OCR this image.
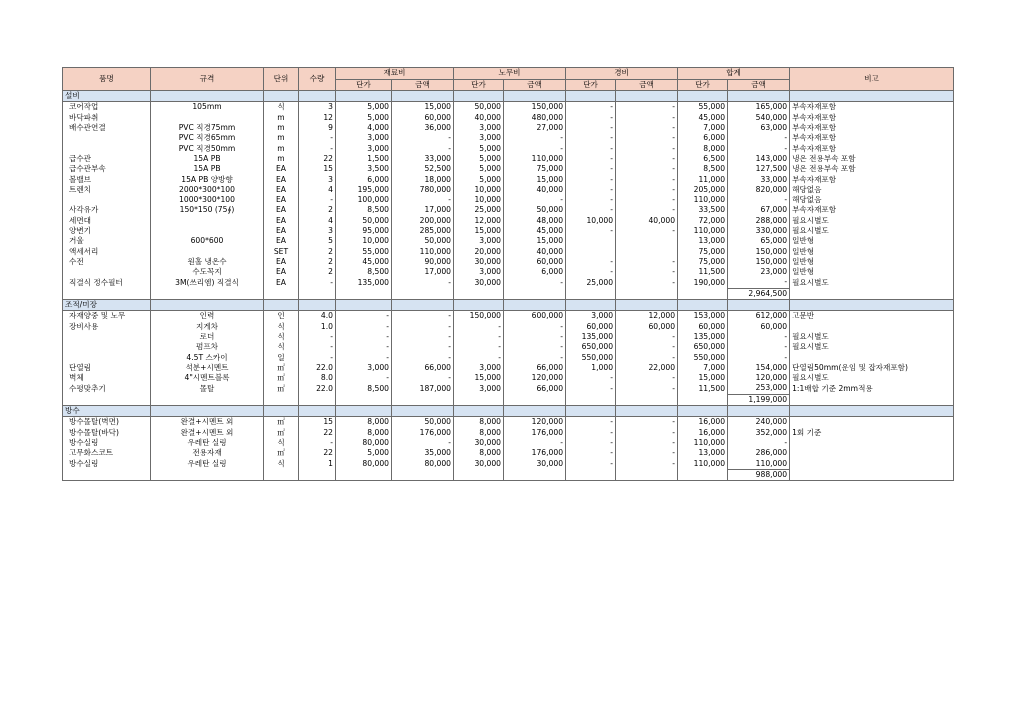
품명	규격	단위	수량	재료비		노무비		경비		합계		비고
				단가	금액	단가	금액	단가	금액	단가	금액	
설비												
코어작업	105mm	식	3	5,000	15,000	50,000	150,000	-	-	55,000	165,000	부속자재포함
바닥파취		m	12	5,000	60,000	40,000	480,000	-	-	45,000	540,000	부속자재포함
배수관연결	PVC 직경75mm	m	9	4,000	36,000	3,000	27,000	-	-	7,000	63,000	부속자재포함
	PVC 직경65mm	m	-	3,000	-	3,000	-	-	-	6,000	-	부속자재포함
	PVC 직경50mm	m	-	3,000	-	5,000	-	-	-	8,000	-	부속자재포함
급수관	15A PB	m	22	1,500	33,000	5,000	110,000	-	-	6,500	143,000	냉온 전용부속 포함
급수관부속	15A PB	EA	15	3,500	52,500	5,000	75,000	-	-	8,500	127,500	냉온 전용부속 포함
볼밸브	15A PB 양방향	EA	3	6,000	18,000	5,000	15,000	-	-	11,000	33,000	부속자재포함
트렌치	2000*300*100	EA	4	195,000	780,000	10,000	40,000	-	-	205,000	820,000	해당없음
	1000*300*100	EA	-	100,000	-	10,000	-	-	-	110,000	-	해당없음
사각유가	150*150 (75∮)	EA	2	8,500	17,000	25,000	50,000	-	-	33,500	67,000	부속자재포함
세면대		EA	4	50,000	200,000	12,000	48,000	10,000	40,000	72,000	288,000	필요시별도
양변기		EA	3	95,000	285,000	15,000	45,000	-	-	110,000	330,000	필요시별도
거울	600*600	EA	5	10,000	50,000	3,000	15,000			13,000	65,000	일반형
액세서리		SET	2	55,000	110,000	20,000	40,000			75,000	150,000	일반형
수전	원홀 냉온수	EA	2	45,000	90,000	30,000	60,000	-	-	75,000	150,000	일반형
	수도꼭지	EA	2	8,500	17,000	3,000	6,000	-	-	11,500	23,000	일반형
직결식 정수필터	3M(쓰리엠) 직결식	EA	-	135,000	-	30,000	-	25,000	-	190,000	-	필요시별도
											2,964,500	
조적/미장												
자재양중 및 노무	인력	인	4.0	-	-	150,000	600,000	3,000	12,000	153,000	612,000	고문반
장비사용	지게차	식	1.0	-	-	-	-	60,000	60,000	60,000	60,000	
	로더	식	-	-	-	-	-	135,000	-	135,000	-	필요시별도
	펌프차	식	-	-	-	-	-	650,000	-	650,000	-	필요시별도
	4.5T 스카이	일	-	-	-	-	-	550,000	-	550,000	-	
단열림	석분+시멘트	㎡	22.0	3,000	66,000	3,000	66,000	1,000	22,000	7,000	154,000	단열림50mm(운임 및 잡자재포함)
벽체	4"시멘트블록	㎡	8.0	-	-	15,000	120,000	-	-	15,000	120,000	필요시별도
수평맞추기	몰탈	㎡	22.0	8,500	187,000	3,000	66,000	-	-	11,500	253,000	1:1배합 기준 2mm적용
											1,199,000	
방수												
방수몰탈(벽면)	완결+시멘트 외	㎡	15	8,000	50,000	8,000	120,000	-	-	16,000	240,000	
방수몰탈(바닥)	완결+시멘트 외	㎡	22	8,000	176,000	8,000	176,000	-	-	16,000	352,000	1회 기준
방수실링	우레탄 실링	식	-	80,000	-	30,000	-	-	-	110,000	-	
고무화스코트	전용자재	㎡	22	5,000	35,000	8,000	176,000	-	-	13,000	286,000	
방수실링	우레탄 실링	식	1	80,000	80,000	30,000	30,000	-	-	110,000	110,000	
											988,000	
